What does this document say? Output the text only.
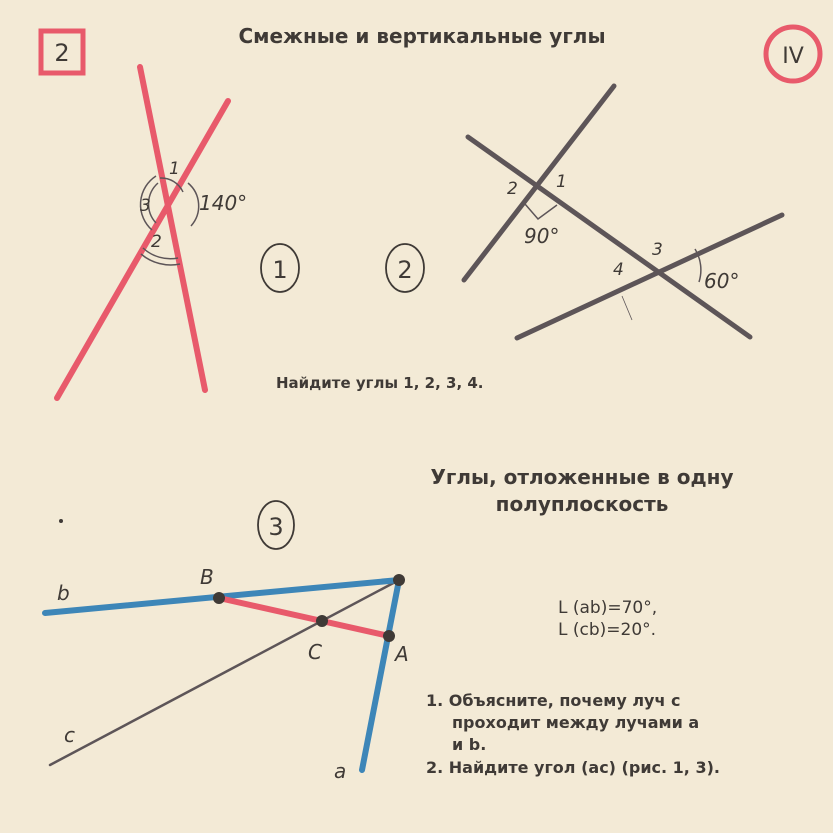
2
Смежные и вертикальные углы
IV
1
2
3 140°
1	2
1
2
3
4
90°
60°
Найдите углы 1, 2, 3, 4.
Углы, отложенные в одну
полуплоскость
3
b
c
a
B
C	A
L (ab)=70°,
L (cb)=20°.
1. Объясните, почему луч c
проходит между лучами a
и b.
2. Найдите угол (ac) (рис. 1, 3).
